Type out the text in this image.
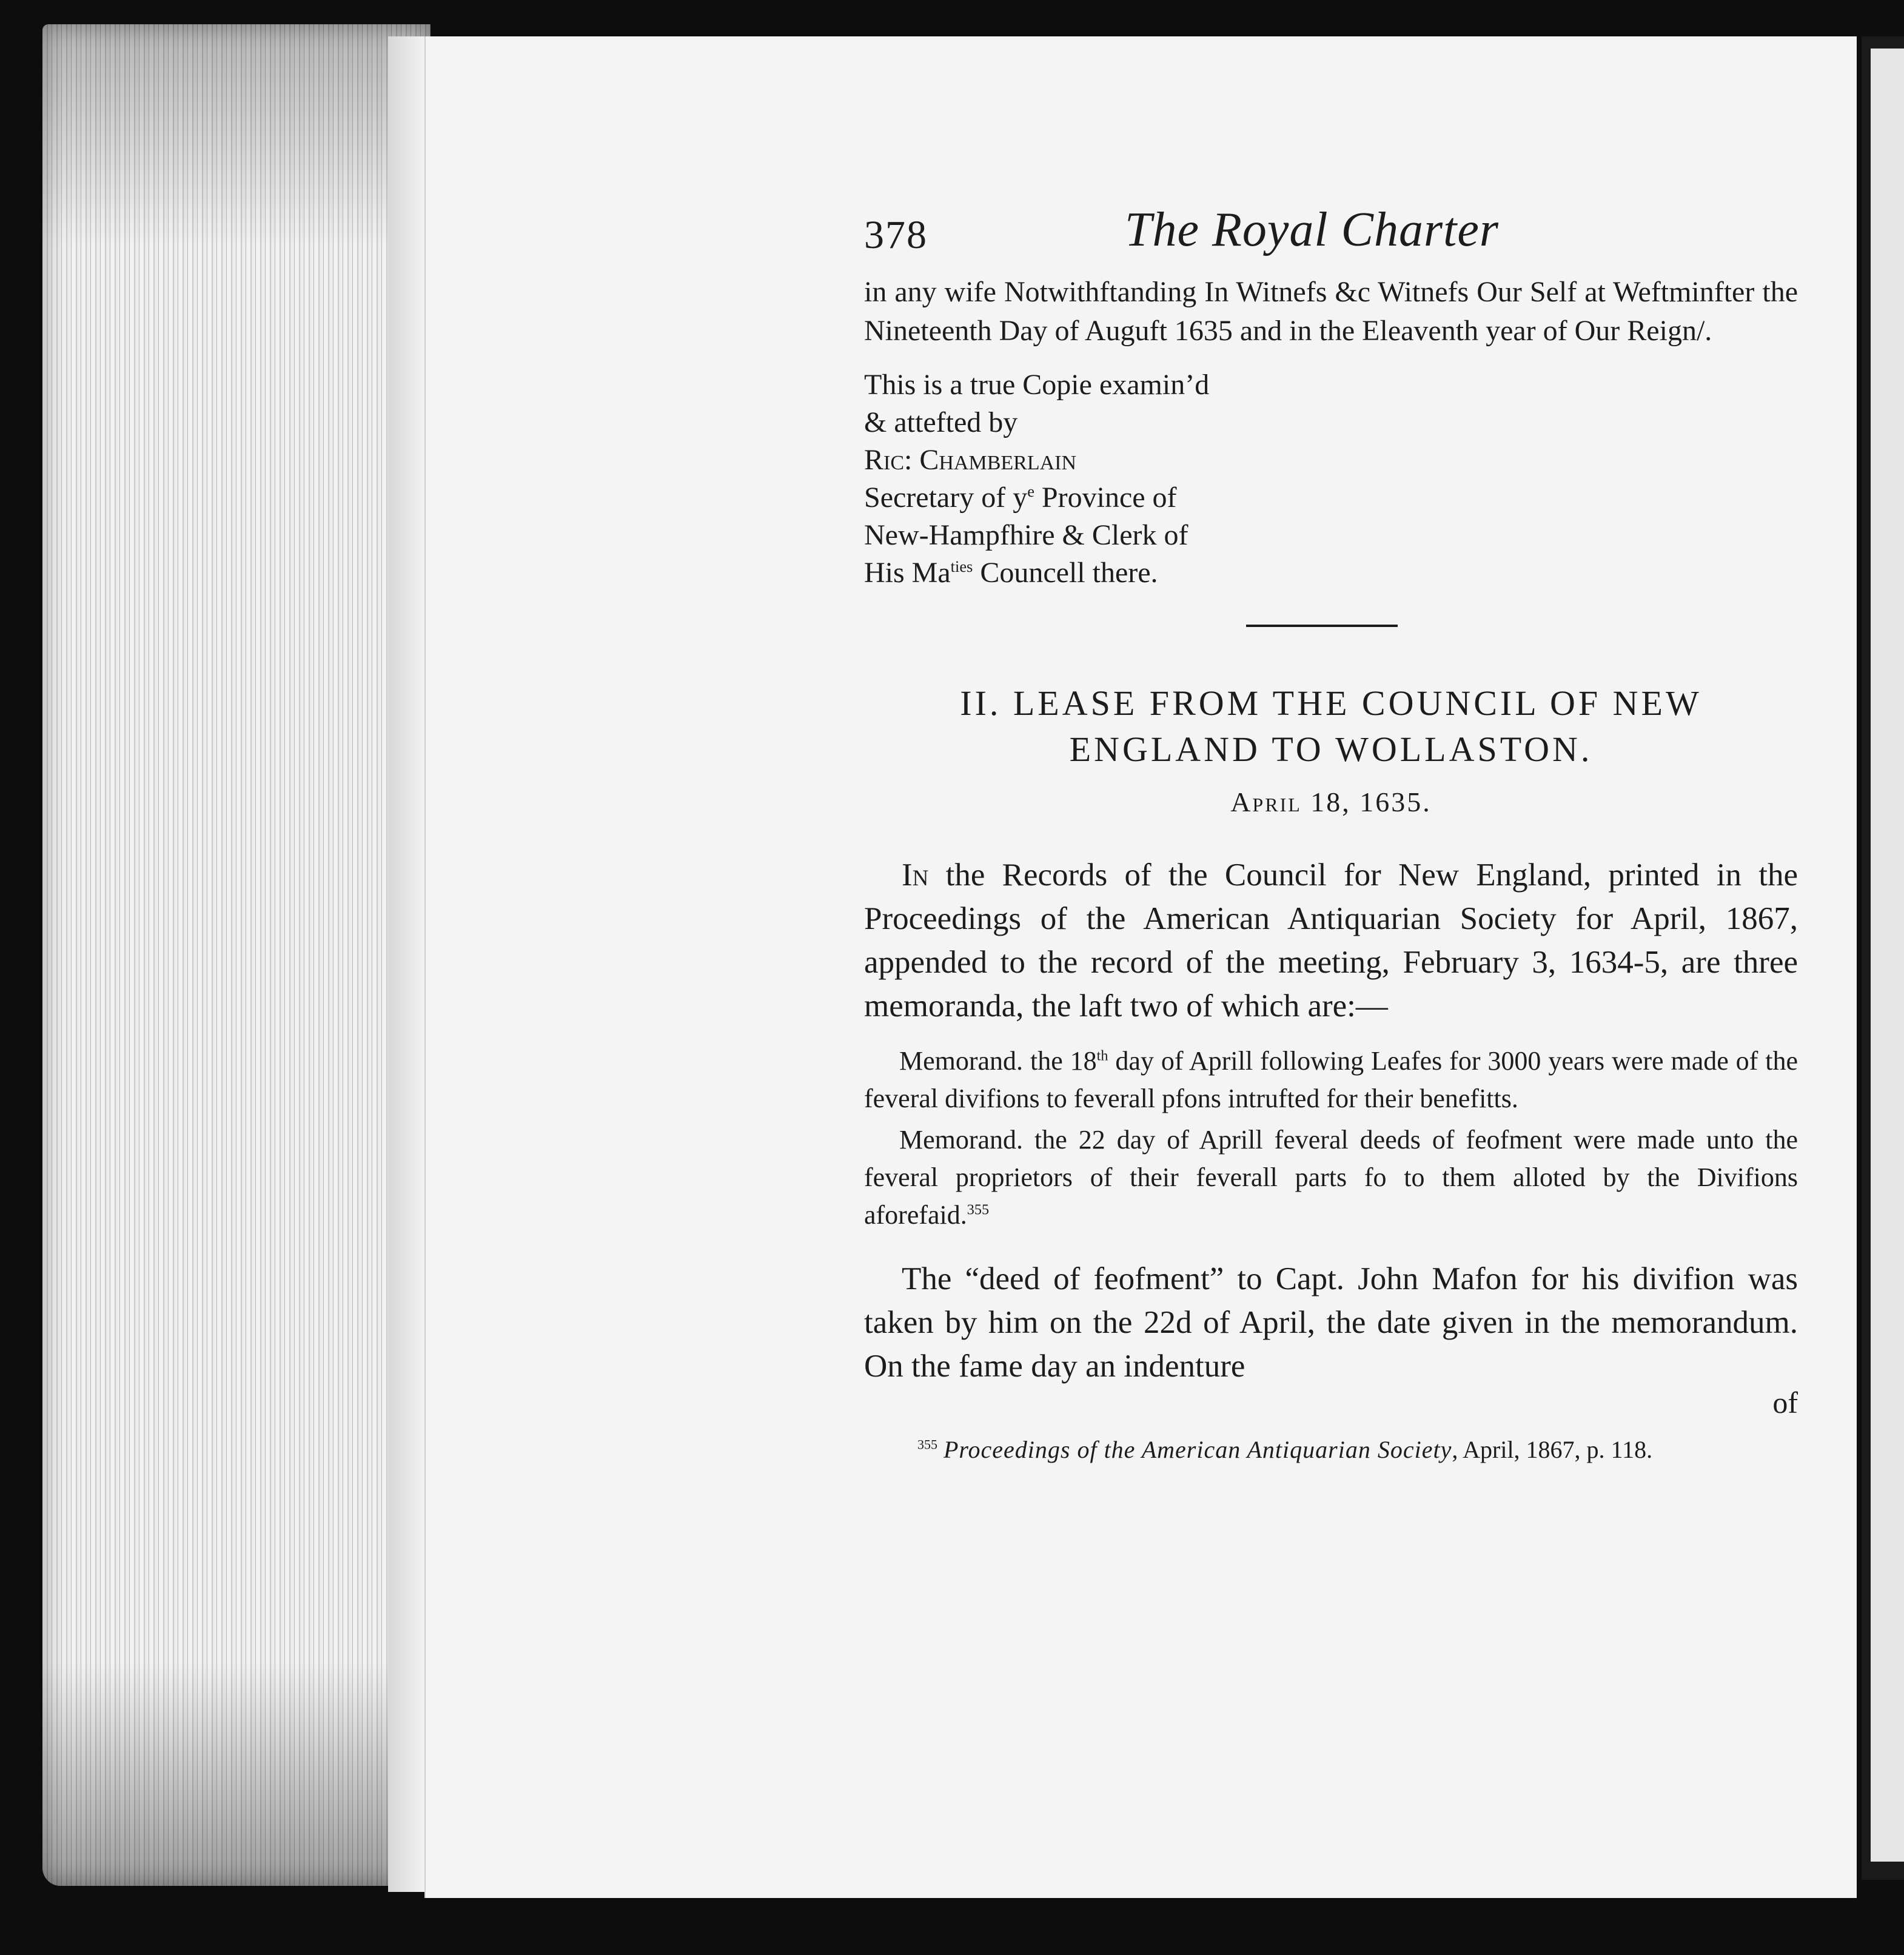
378	The Royal Charter
in any wife Notwithftanding In Witnefs &c Witnefs Our Self at Weftminfter the Nineteenth Day of Auguft 1635 and in the Eleaventh year of Our Reign/.
This is a true Copie examin’d
& attefted by
Ric: Chamberlain
Secretary of $y^e$ Province of
New-Hampfhire & Clerk of
His $Ma^{ties}$ Councell there.
II. LEASE FROM THE COUNCIL OF NEW ENGLAND TO WOLLASTON.
April 18, 1635.
In the Records of the Council for New England, printed in the Proceedings of the American Antiquarian Society for April, 1867, appended to the record of the meeting, February 3, 1634-5, are three memoranda, the laft two of which are:—

Memorand. the 18th day of Aprill following Leafes for 3000 years were made of the feveral divifions to feverall pfons intrufted for their benefitts.

Memorand. the 22 day of Aprill feveral deeds of feofment were made unto the feveral proprietors of their feverall parts fo to them alloted by the Divifions aforefaid.$^{355}$

The “deed of feofment” to Capt. John Mafon for his divifion was taken by him on the 22d of April, the date given in the memorandum. On the fame day an indenture
of
$^{355}$ Proceedings of the American Antiquarian Society, April, 1867, p. 118.
